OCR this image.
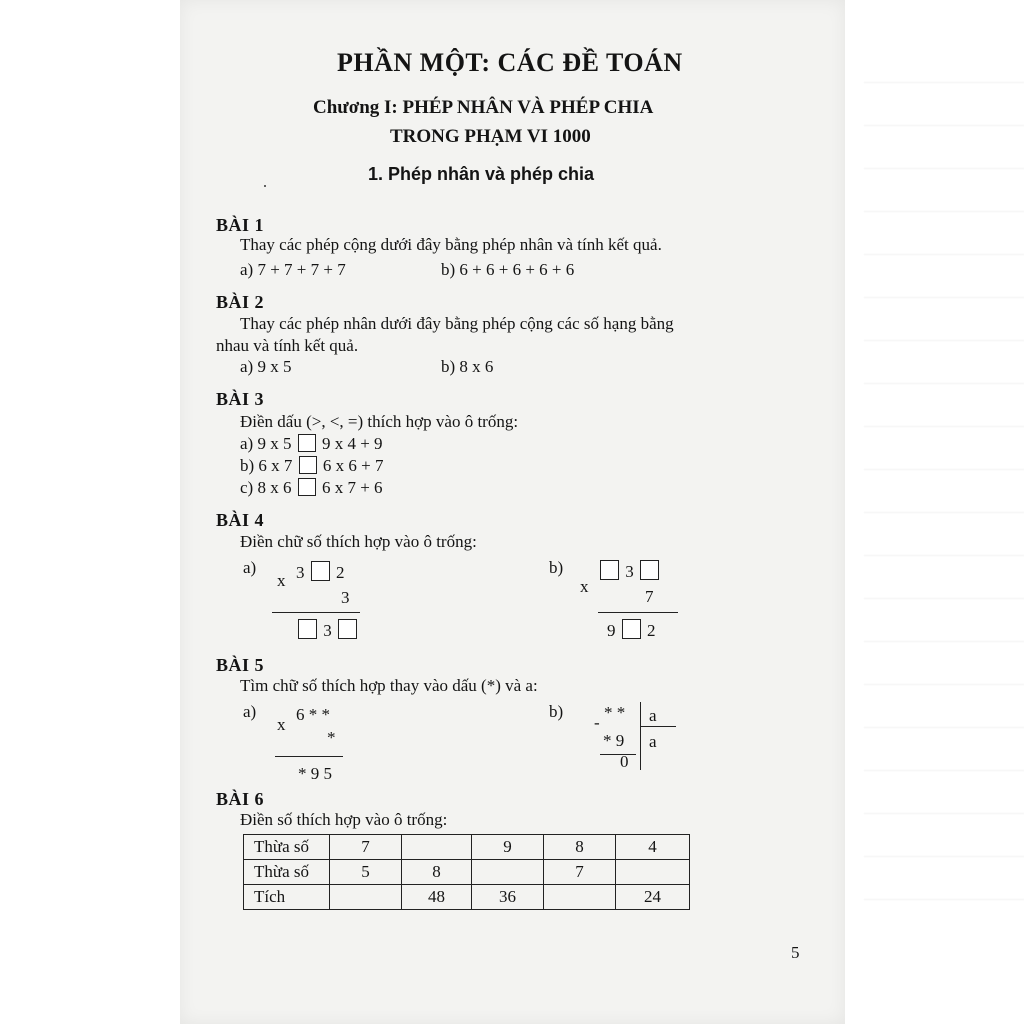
PHẦN MỘT: CÁC ĐỀ TOÁN
Chương I: PHÉP NHÂN VÀ PHÉP CHIA
TRONG PHẠM VI 1000
1. Phép nhân và phép chia
BÀI 1
Thay các phép cộng dưới đây bằng phép nhân và tính kết quả.
a) 7 + 7 + 7 + 7	b) 6 + 6 + 6 + 6 + 6
BÀI 2
Thay các phép nhân dưới đây bằng phép cộng các số hạng bằng
nhau và tính kết quả.
a) 9 x 5	b) 8 x 6
BÀI 3
Điền dấu (>, <, =) thích hợp vào ô trống:
a) 9 x 5 9 x 4 + 9
b) 6 x 7 6 x 6 + 7
c) 8 x 6 6 x 7 + 6
BÀI 4
Điền chữ số thích hợp vào ô trống:
a)
x 3 2
3
3
b)
x
3
7
9 2
BÀI 5
Tìm chữ số thích hợp thay vào dấu (*) và a:
a)
x
6 * *
*
* 9 5
b)
-
* *
* 9
0
a
a
BÀI 6
Điền số thích hợp vào ô trống:
Thừa số	7		9	8	4
Thừa số	5	8		7	
Tích		48	36		24
5
